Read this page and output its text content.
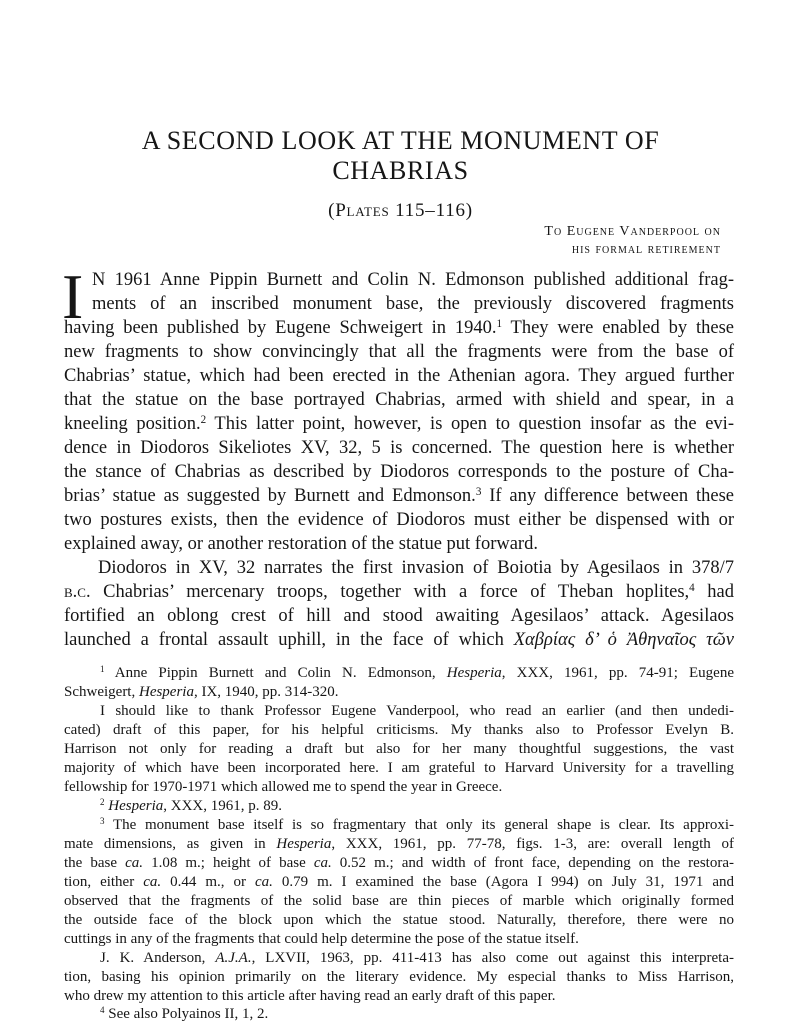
A SECOND LOOK AT THE MONUMENT OF
CHABRIAS
(Plates 115–116)
To Eugene Vanderpool on
his formal retirement
I N 1961 Anne Pippin Burnett and Colin N. Edmonson published additional frag-
ments of an inscribed monument base, the previously discovered fragments
having been published by Eugene Schweigert in 1940.$^1$ They were enabled by these
new fragments to show convincingly that all the fragments were from the base of
Chabrias’ statue, which had been erected in the Athenian agora. They argued further
that the statue on the base portrayed Chabrias, armed with shield and spear, in a
kneeling position.$^2$ This latter point, however, is open to question insofar as the evi-
dence in Diodoros Sikeliotes XV, 32, 5 is concerned. The question here is whether
the stance of Chabrias as described by Diodoros corresponds to the posture of Cha-
brias’ statue as suggested by Burnett and Edmonson.$^3$ If any difference between these
two postures exists, then the evidence of Diodoros must either be dispensed with or
explained away, or another restoration of the statue put forward.
Diodoros in XV, 32 narrates the first invasion of Boiotia by Agesilaos in 378/7
b.c. Chabrias’ mercenary troops, together with a force of Theban hoplites,$^4$ had
fortified an oblong crest of hill and stood awaiting Agesilaos’ attack. Agesilaos
launched a frontal assault uphill, in the face of which Χαβρίας δ’ ὁ Ἀθηναῖος τῶν
$^1$ Anne Pippin Burnett and Colin N. Edmonson, Hesperia, XXX, 1961, pp. 74-91; Eugene
Schweigert, Hesperia, IX, 1940, pp. 314-320.
I should like to thank Professor Eugene Vanderpool, who read an earlier (and then undedi-
cated) draft of this paper, for his helpful criticisms. My thanks also to Professor Evelyn B.
Harrison not only for reading a draft but also for her many thoughtful suggestions, the vast
majority of which have been incorporated here. I am grateful to Harvard University for a travelling
fellowship for 1970-1971 which allowed me to spend the year in Greece.
$^2$ Hesperia, XXX, 1961, p. 89.
$^3$ The monument base itself is so fragmentary that only its general shape is clear. Its approxi-
mate dimensions, as given in Hesperia, XXX, 1961, pp. 77-78, figs. 1-3, are: overall length of
the base ca. 1.08 m.; height of base ca. 0.52 m.; and width of front face, depending on the restora-
tion, either ca. 0.44 m., or ca. 0.79 m. I examined the base (Agora I 994) on July 31, 1971 and
observed that the fragments of the solid base are thin pieces of marble which originally formed
the outside face of the block upon which the statue stood. Naturally, therefore, there were no
cuttings in any of the fragments that could help determine the pose of the statue itself.
J. K. Anderson, A.J.A., LXVII, 1963, pp. 411-413 has also come out against this interpreta-
tion, basing his opinion primarily on the literary evidence. My especial thanks to Miss Harrison,
who drew my attention to this article after having read an early draft of this paper.
$^4$ See also Polyainos II, 1, 2.
